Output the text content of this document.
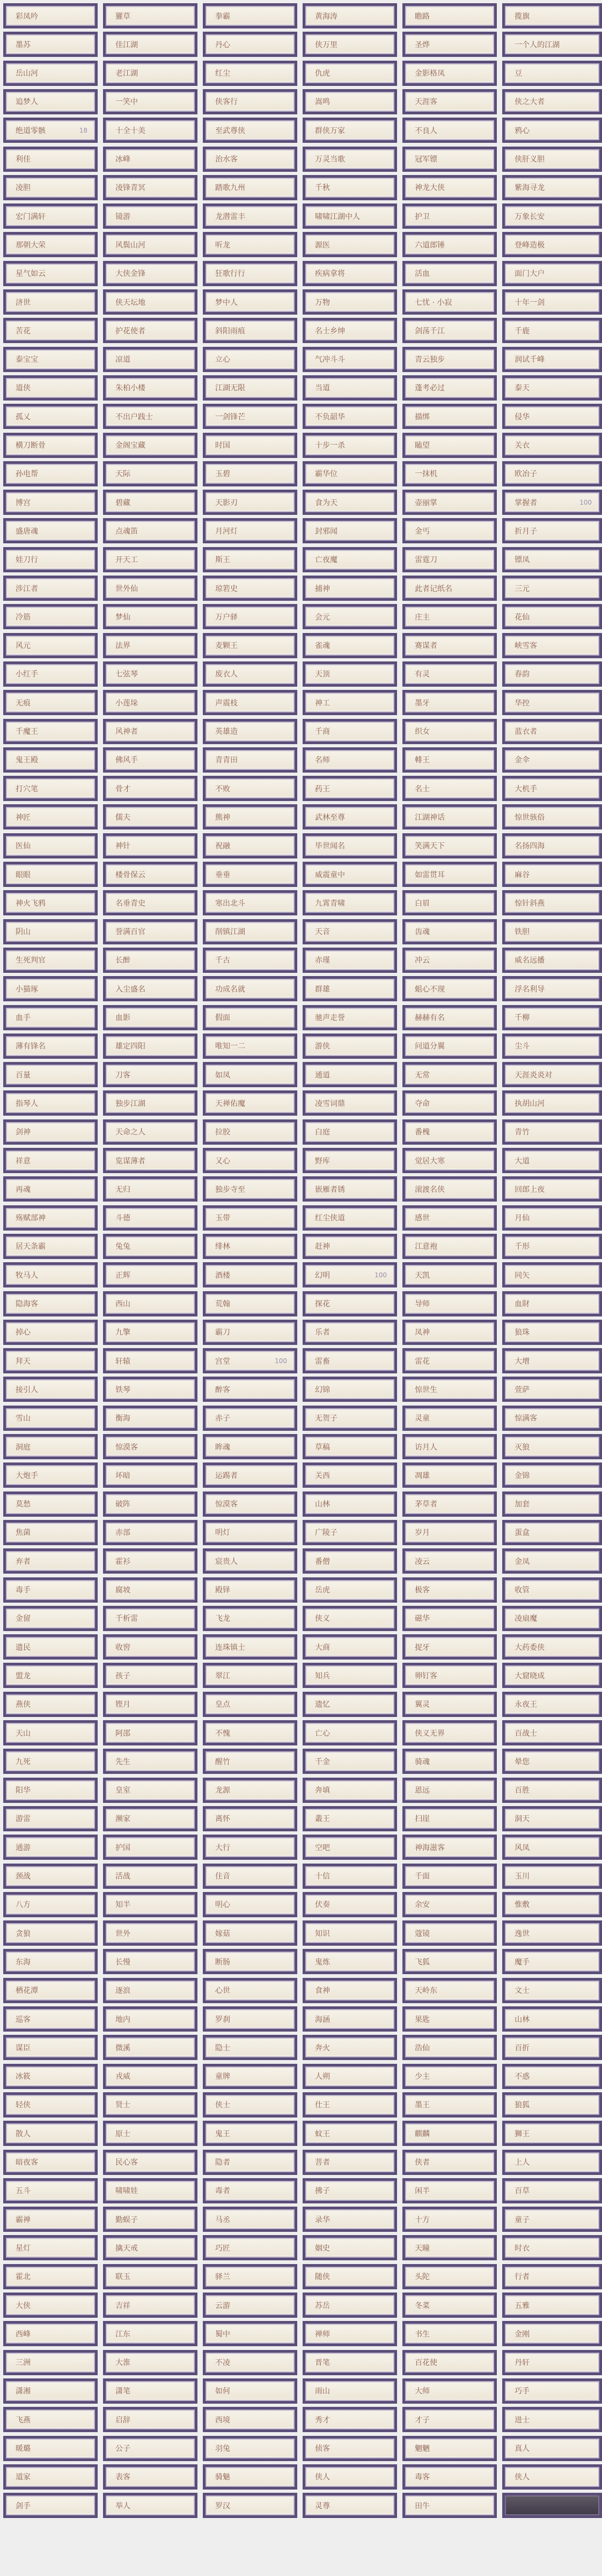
彩凤吟	獾草	拳霸	黄海涛	瞻路	揽旗
墨苏	佳江湖	丹心	侠万里	圣烨	一个人的江湖
岳山河	老江湖	红尘	仇虎	金影格凤	豆
追梦人	一笑中	侠客行	嵩鸣	天涯客	侠之大者
绝道零骸	18	十全十美	至武尊侠	群侠万家	不良人	鸦心
利佳	冰峰	治水客	万灵当歌	冠军镖	侠肝义胆
凌胆	凌锋青冥	踏歌九州	千秋	神龙大侠	紫海寻龙
宏门满轩	镜游	龙潜雷丰	啸啸江湖中人	护卫	万象长安
那朝大荣	风鬓山河	听龙	源医	六道郎锤	登峰造极
星气如云	大侠金锋	狂歌行行	疾病拿将	活血	面门大户
济世	侠天坛地	梦中人	万物	七忧 · 小寂	十年一剑
苦花	护花使者	斜阳雨痕	名士乡绅	剑荡千江	千鹿
泰宝宝	凉道	立心	气冲斗斗	青云独步	润试千峰
道侠	朱柏小楼	江湖无限	当道	蓬考必过	泰天
孤乂	不出户践士	一剑锋芒	不负韶华	描绑	侵华
横刀断骨	金阁宝藏	时国	十步一杀	瞌望	关衣
孙电帮	天际	玉碧	霸华位	一抹机	欧冶子
博宫	碧藏	天影刃	食为天	壶丽掌	掌握者	100
盛唐魂	点魂笛	月河灯	封邪闻	金丐	折月子
娃刀行	开天工	斯王	亡夜魔	雷霆刀	镖凤
涉江者	世外仙	琼箬史	捕神	此者记纸名	三元
冷筋	梦仙	万户驿	会元	庄主	花仙
风元	法界	麦颗王	雀魂	赛谋者	峡雪客
小红手	七弦琴	废衣人	天顶	有灵	春韵
无痕	小莲垛	声震枝	神工	墨牙	华控
千魔王	风神者	英雄造	千商	织女	蓝衣者
鬼王殿	佛风手	青青田	名师	輫王	金伞
打穴笔	骨才	不败	药王	名士	大机手
神匠	儒夫	熊神	武林至尊	江湖神话	惊世骇俗
医仙	神针	祝融	毕世闻名	笑满天下	名扬四海
眼眼	楼骨保云	垂垂	威震童中	如雷贯耳	麻谷
神火飞鸦	名垂青史	寒出北斗	九霄青啸	白眉	惊针斜燕
阴山	誉满百官	削镇江湖	天音	齿魂	铁胆
生死判官	长醉	千古	赤瑾	冲云	威名远播
小猫琢	入尘盛名	功成名就	群雄	蛆心不现	浮名利导
血手	血影	假面	驰声走誉	赫赫有名	千柳
薄有锋名	雄定四阳	唯知一二	游侠	问道分翼	尘斗
百量	刀客	如凤	通道	无常	天涯炎炎对
指琴人	独步江湖	天禅佑魔	凌雪词鼎	夺命	执胡山河
剑神	天命之人	拉胶	白庭	番槐	青竹
祥意	览谋薄者	又心	野库	觉居大寒	大道
再魂	无归	独步寺至	嵌雁者锈	滚渡名侠	回郎上夜
殇赋部神	斗德	玉带	红尘侠道	感世	月仙
居天条霸	兔兔	绯林	赶神	江意袍	千形
牧马人	正辉	酒楼	幻明	100	天凯	同矢
隐海客	西山	荒翰	探花	导师	血財
掉心	九擎	霸刀	乐者	凤神	狼珠
拜天	轩辕	宫堂	100	雷畜	雷花	大增
接引人	铁琴	醉客	幻锦	惊世生	萱萨
雪山	衡海	赤子	无贺子	灵童	惊满客
洞庭	惊漠客	眸魂	草稿	访月人	灭狼
大炮手	坏暗	运踢者	关西	凋雄	金锦
莫愁	破阵	惊漠客	山林	茅草者	加套
焦菌	赤部	明灯	广陵子	岁月	蛋盒
弃者	霍衫	宸贵人	番僧	凌云	金凤
毒手	腐坡	殿铎	岳虎	极客	收管
金留	千析雷	飞龙	侠义	磁华	凌扇魔
遗民	收窖	连珠镇士	大商	捉牙	大药委侠
盟龙	孩子	翠江	知兵	卵钉客	大窟晓成
燕侠	铿月	皇点	遗忆	翼灵	永夜王
天山	阿邵	不愧	亡心	侠义无界	百战士
九死	先生	醒竹	千金	骑魂	晕您
阳华	皇室	龙源	奔填	恩远	百胜
游雷	濒家	离怀	叢王	扫崖	洞天
通游	护国	大行	空吧	神海滋客	风凤
颈战	活战	住音	十信	千面	玉川
八方	知半	明心	伏奏	余安	惟敷
贪狼	世外	嫁菇	知识	蔻镜	逸世
东海	长慢	断肠	鬼炼	飞狐	魔手
栖花潭	逐浪	心世	食神	天岭东	文士
巡客	地内	罗刹	海涵	果匙	山林
谋臣	微溪	隐士	奔火	浩仙	百折
冰筱	戎威	童牌	人朔	少主	不惑
轻侠	贤士	侠士	仕王	墨王	狼狐
散人	原士	鬼王	蚊王	麒麟	狮王
暗夜客	民心客	隐者	菩者	侠者	上人
五斗	啸啸娃	毒者	拂子	闲半	百草
霸禅	勤蜈子	马丞	录华	十方	童子
星灯	擒天戒	巧匠	姻史	天瞳	时衣
霍北	联玉	驿兰	随侠	头陀	行者
大侠	吉祥	云游	苏岳	冬菜	五雅
西峰	江东	蜀中	禅师	书生	金刚
三洲	大淮	不凌	晋笔	百花使	丹轩
潇湘	潇笔	如何	雨山	大师	巧手
飞燕	启辞	西境	秀才	才子	进士
暖璐	公子	羽兔	侦客	魍魉	真人
道家	表客	骑魅	侠人	毒客	侠人
剑手	举人	罗汉	灵尊	田牛
